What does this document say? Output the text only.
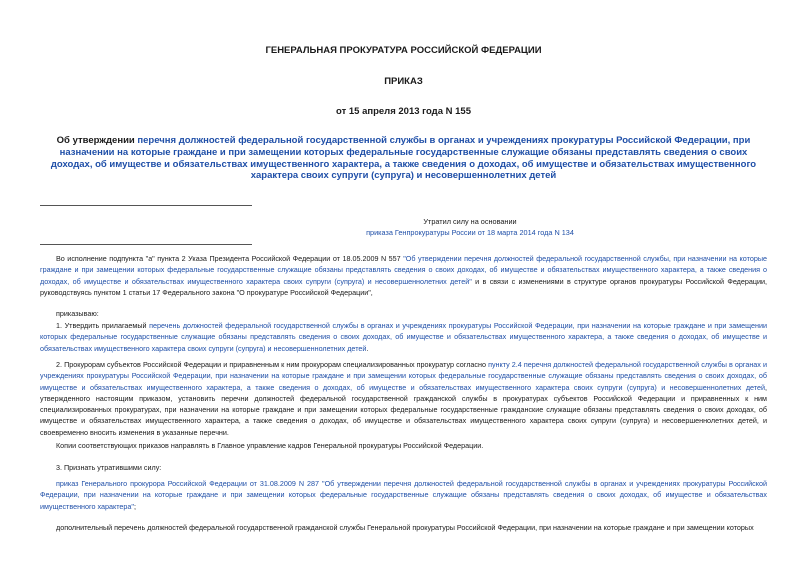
ГЕНЕРАЛЬНАЯ ПРОКУРАТУРА РОССИЙСКОЙ ФЕДЕРАЦИИ
ПРИКАЗ
от 15 апреля 2013 года N 155
Об утверждении перечня должностей федеральной государственной службы в органах и учреждениях прокуратуры Российской Федерации, при назначении на которые граждане и при замещении которых федеральные государственные служащие обязаны представлять сведения о своих доходах, об имуществе и обязательствах имущественного характера, а также сведения о доходах, об имуществе и обязательствах имущественного характера своих супруги (супруга) и несовершеннолетних детей
Утратил силу на основании
приказа Генпрокуратуры России от 18 марта 2014 года N 134

Во исполнение подпункта "а" пункта 2 Указа Президента Российской Федерации от 18.05.2009 N 557 "Об утверждении перечня должностей федеральной государственной службы, при назначении на которые граждане и при замещении которых федеральные государственные служащие обязаны представлять сведения о своих доходах, об имуществе и обязательствах имущественного характера, а также сведения о доходах, об имуществе и обязательствах имущественного характера своих супруги (супруга) и несовершеннолетних детей" и в связи с изменениями в структуре органов прокуратуры Российской Федерации, руководствуясь пунктом 1 статьи 17 Федерального закона "О прокуратуре Российской Федерации",

приказываю:

1. Утвердить прилагаемый перечень должностей федеральной государственной службы в органах и учреждениях прокуратуры Российской Федерации, при назначении на которые граждане и при замещении которых федеральные государственные служащие обязаны представлять сведения о своих доходах, об имуществе и обязательствах имущественного характера, а также сведения о доходах, об имуществе и обязательствах имущественного характера своих супруги (супруга) и несовершеннолетних детей.

2. Прокурорам субъектов Российской Федерации и приравненным к ним прокурорам специализированных прокуратур согласно пункту 2.4 перечня должностей федеральной государственной службы в органах и учреждениях прокуратуры Российской Федерации, при назначении на которые граждане и при замещении которых федеральные государственные служащие обязаны представлять сведения о своих доходах, об имуществе и обязательствах имущественного характера, а также сведения о доходах, об имуществе и обязательствах имущественного характера своих супруги (супруга) и несовершеннолетних детей, утвержденного настоящим приказом, установить перечни должностей федеральной государственной гражданской службы в прокуратурах субъектов Российской Федерации и приравненных к ним специализированных прокуратурах, при назначении на которые граждане и при замещении которых федеральные государственные гражданские служащие обязаны представлять сведения о своих доходах, об имуществе и обязательствах имущественного характера, а также сведения о доходах, об имуществе и обязательствах имущественного характера своих супруги (супруга) и несовершеннолетних детей, и своевременно вносить изменения в указанные перечни.

Копии соответствующих приказов направлять в Главное управление кадров Генеральной прокуратуры Российской Федерации.

3. Признать утратившими силу:

приказ Генерального прокурора Российской Федерации от 31.08.2009 N 287 "Об утверждении перечня должностей федеральной государственной службы в органах и учреждениях прокуратуры Российской Федерации, при назначении на которые граждане и при замещении которых федеральные государственные служащие обязаны представлять сведения о своих доходах, об имуществе и обязательствах имущественного характера";

дополнительный перечень должностей федеральной государственной гражданской службы Генеральной прокуратуры Российской Федерации, при назначении на которые граждане и при замещении которых
